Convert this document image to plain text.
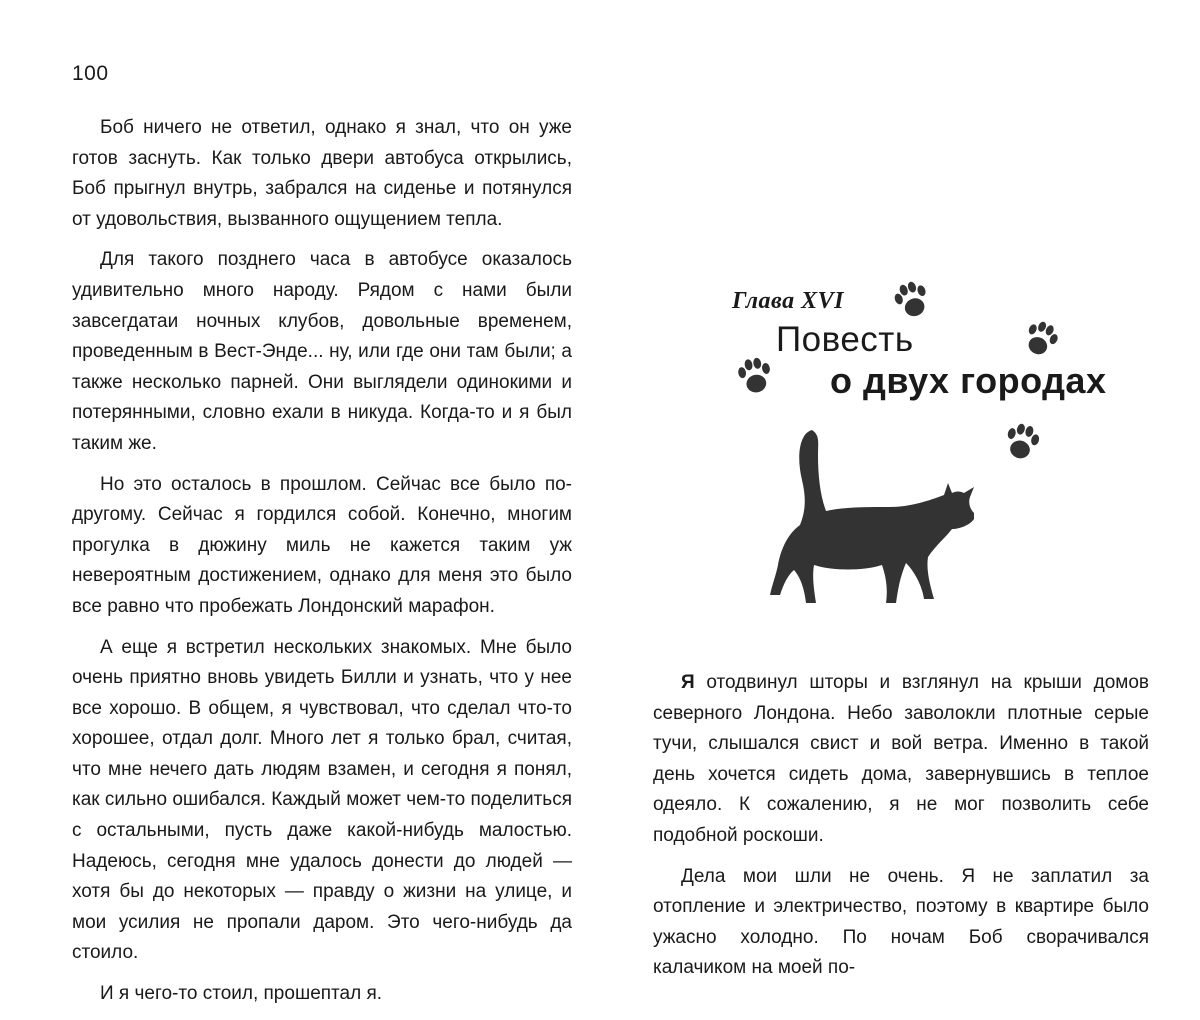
100

Боб ничего не ответил, однако я знал, что он уже готов заснуть. Как только двери автобуса открылись, Боб прыгнул внутрь, забрался на сиденье и потянулся от удовольствия, вызванного ощущением тепла.

Для такого позднего часа в автобусе оказалось удивительно много народу. Рядом с нами были завсегдатаи ночных клубов, довольные временем, проведенным в Вест-Энде... ну, или где они там были; а также несколько парней. Они выглядели одинокими и потерянными, словно ехали в никуда. Когда-то и я был таким же.

Но это осталось в прошлом. Сейчас все было по-другому. Сейчас я гордился собой. Конечно, многим прогулка в дюжину миль не кажется таким уж невероятным достижением, однако для меня это было все равно что пробежать Лондонский марафон.

А еще я встретил нескольких знакомых. Мне было очень приятно вновь увидеть Билли и узнать, что у нее все хорошо. В общем, я чувствовал, что сделал что-то хорошее, отдал долг. Много лет я только брал, считая, что мне нечего дать людям взамен, и сегодня я понял, как сильно ошибался. Каждый может чем-то поделиться с остальными, пусть даже какой-нибудь малостью. Надеюсь, сегодня мне удалось донести до людей — хотя бы до некоторых — правду о жизни на улице, и мои усилия не пропали даром. Это чего-нибудь да стоило.

И я чего-то стоил, прошептал я.

Глава XVI
Повесть
о двух городах

Я отодвинул шторы и взглянул на крыши домов северного Лондона. Небо заволокли плотные серые тучи, слышался свист и вой ветра. Именно в такой день хочется сидеть дома, завернувшись в теплое одеяло. К сожалению, я не мог позволить себе подобной роскоши.

Дела мои шли не очень. Я не заплатил за отопление и электричество, поэтому в квартире было ужасно холодно. По ночам Боб сворачивался калачиком на моей по-
